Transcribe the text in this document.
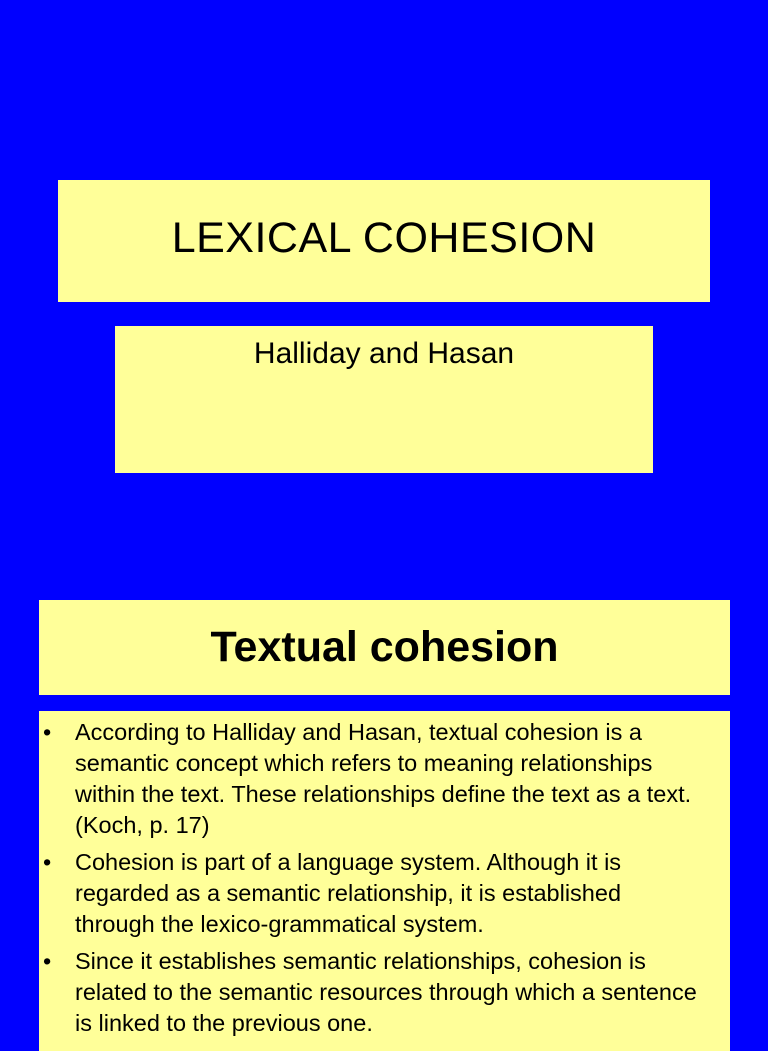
LEXICAL COHESION
Halliday and Hasan
Textual cohesion
• According to Halliday and Hasan, textual cohesion is a semantic concept which refers to meaning relationships within the text. These relationships define the text as a text. (Koch, p. 17)
• Cohesion is part of a language system. Although it is regarded as a semantic relationship, it is established through the lexico-grammatical system.
• Since it establishes semantic relationships, cohesion is related to the semantic resources through which a sentence is linked to the previous one.
